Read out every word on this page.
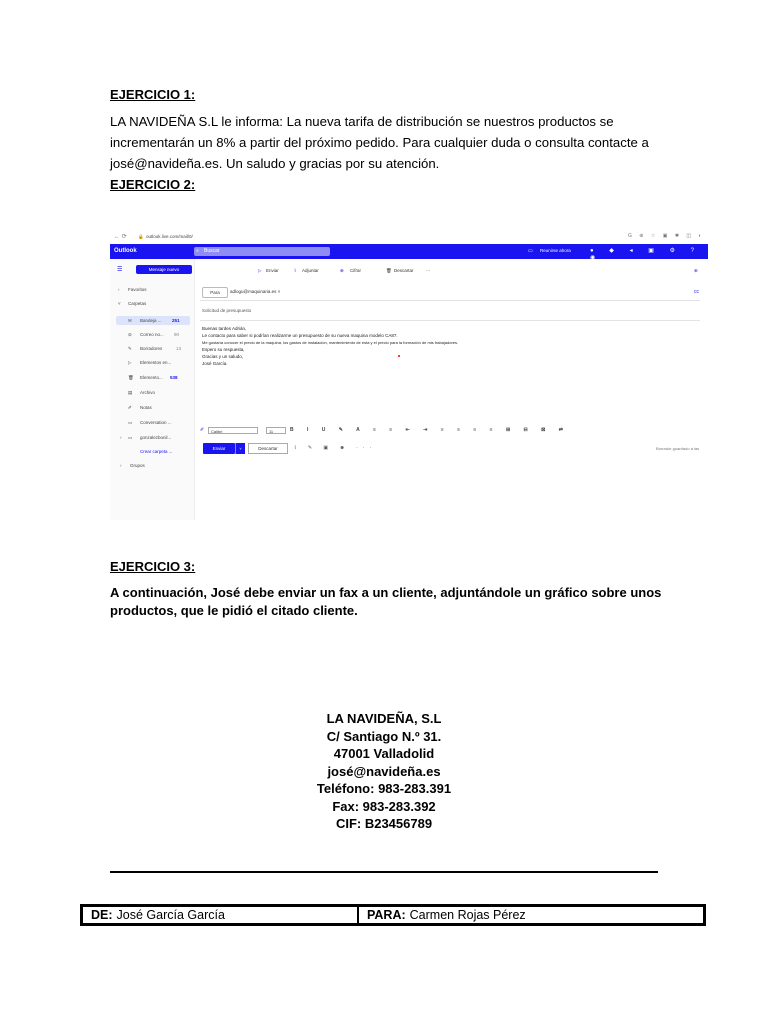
EJERCICIO 1:
LA NAVIDEÑA S.L le informa: La nueva tarifa de distribución se nuestros productos se
incrementarán un 8% a partir del próximo pedido. Para cualquier duda o consulta contacte a
josé@navideña.es. Un saludo y gracias por su atención.
EJERCICIO 2:
← ⟳	🔒 outlook.live.com/mail/0/	G ⊕ ☆ ▣ ✱ ◫ ◐
Outlook	⌕ Buscar	▭ Reunirse ahora	● ◆ ◂ ▣ ⚙ ? ◉
☰	Mensaje nuevo
› Favoritos
˅ Carpetas
✉ Bandeja ... 251
⊘ Correo no... 90
✎ Borradores	13
▷ Elementos en...
🗑 Elemento... 538
▤ Archivo
✐ Notas
▭ Conversation ...
› ▭ gonzalezbonil...
Crear carpeta ...
› Grupos
▷ Enviar	⌇ Adjuntar	⊕ Cifrar	🗑 Descartar	···	⊕
Para	adlogu@maquinaria.es ×	cc
Solicitud de presupuesto
Buenas tardes Adrián,
Le contacto para saber si podrían realizarme un presupuesto de su nueva maquina modelo CA87.
Me gustaría conocer el precio de la maquina, los gastos de instalación, mantenimiento de esta y el precio para la formación de mis trabajadores.
Espero su respuesta,
Gracias y un saludo,
José García.
✐	B I U ✎ A ≡ ≡ ⇤ ⇥ ≡ ≡ ≡ ≡ ⊞ ⊟ ⊠ ⇄
Calibri	11
Enviar	˅	Descartar	⌇ ✎ ▣ ☻ ···	Borrador guardado a las
EJERCICIO 3:
A continuación, José debe enviar un fax a un cliente, adjuntándole un gráfico sobre unos
productos, que le pidió el citado cliente.
LA NAVIDEÑA, S.L
C/ Santiago N.º 31.
47001 Valladolid
josé@navideña.es
Teléfono: 983-283.391
Fax: 983-283.392
CIF: B23456789
DE: José García García	PARA: Carmen Rojas Pérez
